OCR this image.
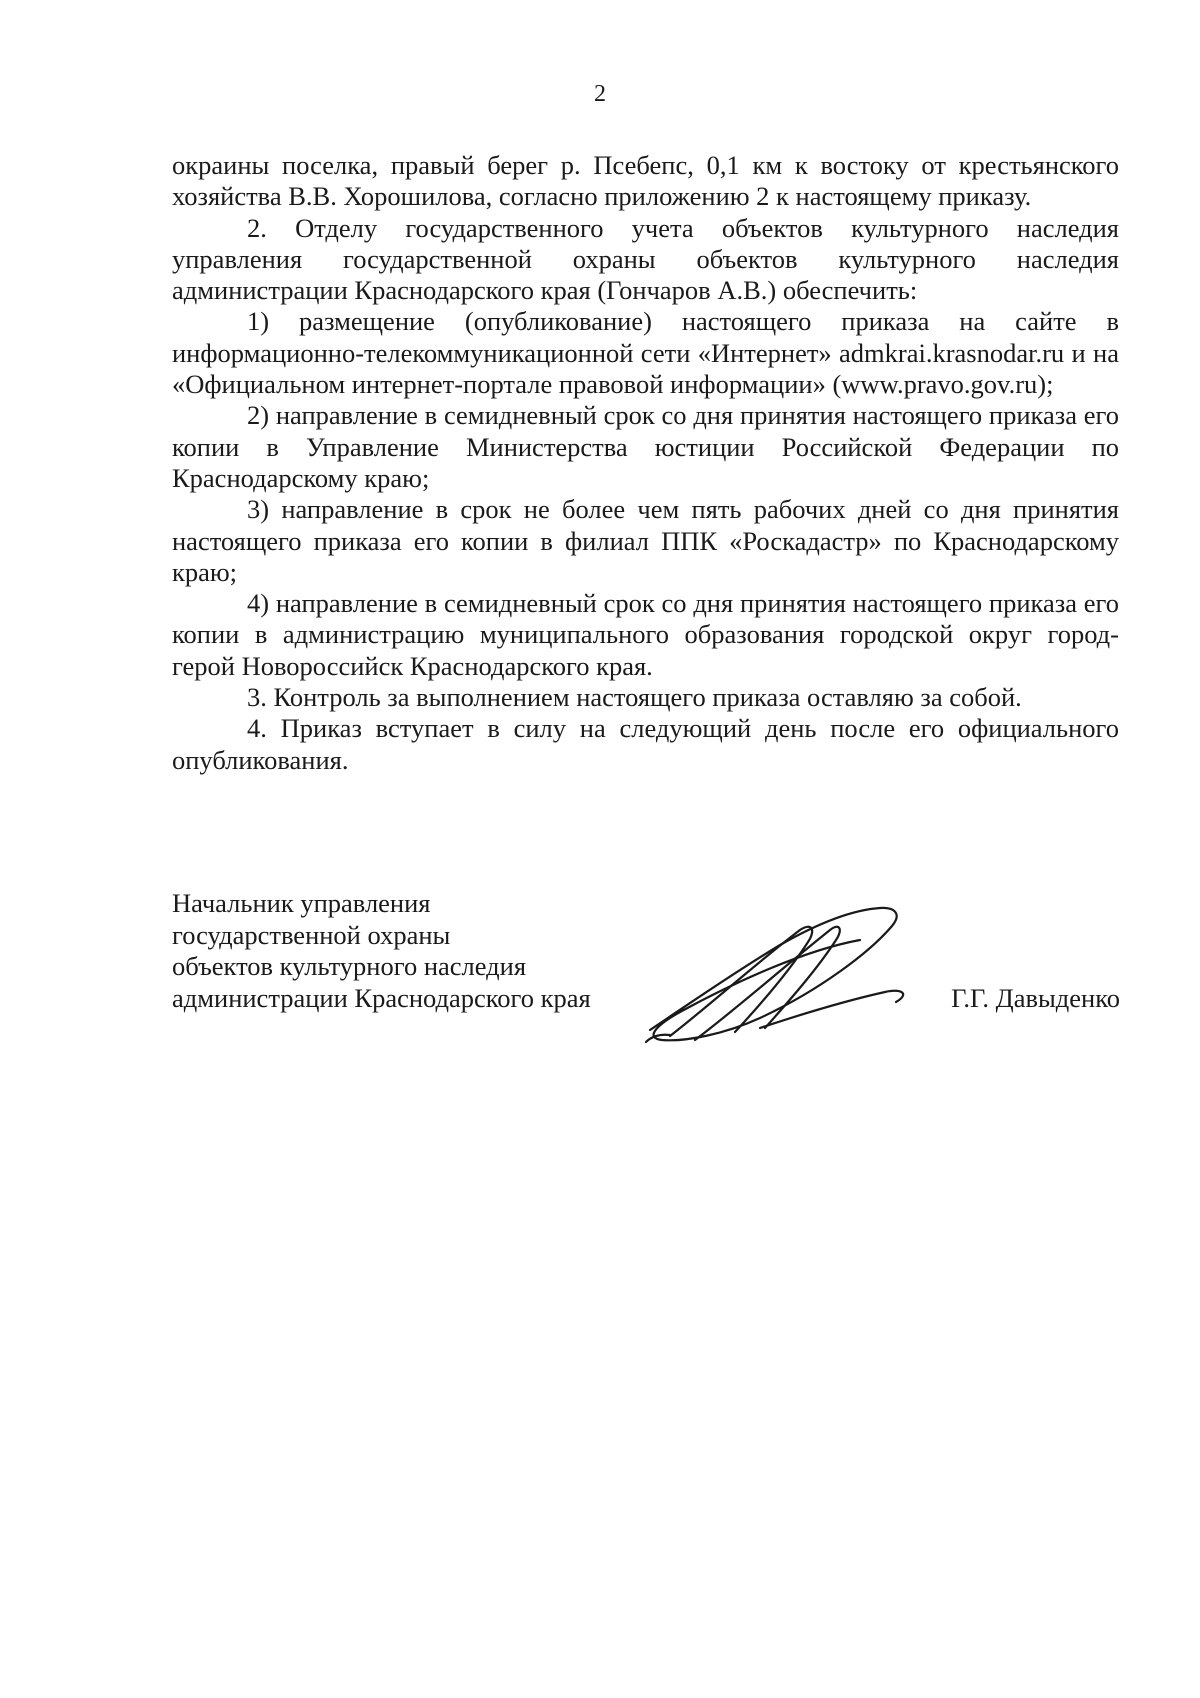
2

окраины поселка, правый берег р. Псебепс, 0,1 км к востоку от крестьянского хозяйства В.В. Хорошилова, согласно приложению 2 к настоящему приказу.

2. Отделу государственного учета объектов культурного наследия управления государственной охраны объектов культурного наследия администрации Краснодарского края (Гончаров А.В.) обеспечить:

1) размещение (опубликование) настоящего приказа на сайте в информационно-телекоммуникационной сети «Интернет» admkrai.krasnodar.ru и на «Официальном интернет-портале правовой информации» (www.pravo.gov.ru);

2) направление в семидневный срок со дня принятия настоящего приказа его копии в Управление Министерства юстиции Российской Федерации по Краснодарскому краю;

3) направление в срок не более чем пять рабочих дней со дня принятия настоящего приказа его копии в филиал ППК «Роскадастр» по Краснодарскому краю;

4) направление в семидневный срок со дня принятия настоящего приказа его копии в администрацию муниципального образования городской округ город-герой Новороссийск Краснодарского края.

3. Контроль за выполнением настоящего приказа оставляю за собой.

4. Приказ вступает в силу на следующий день после его официального опубликования.

Начальник управления
государственной охраны
объектов культурного наследия
администрации Краснодарского края	Г.Г. Давыденко
